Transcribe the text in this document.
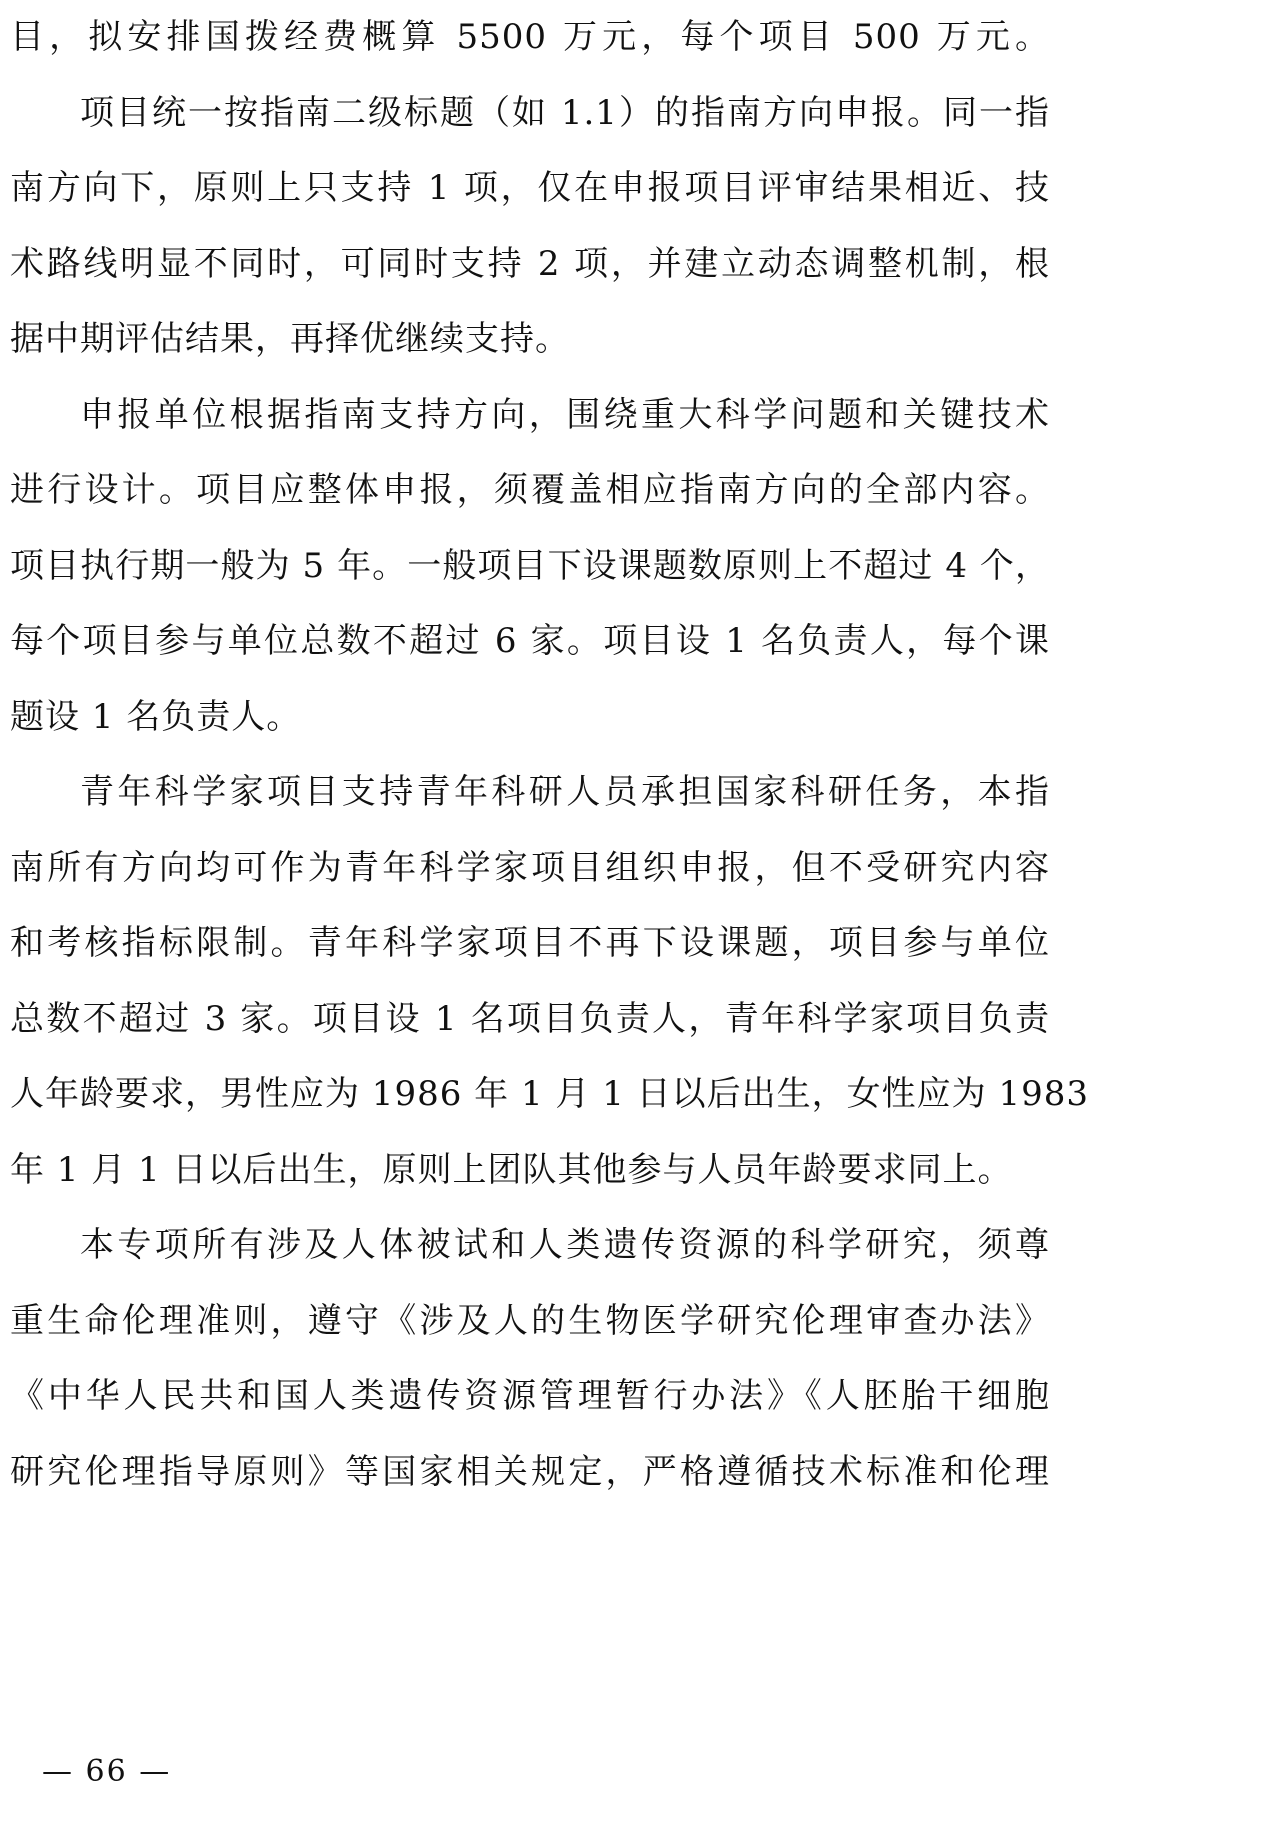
目，拟安排国拨经费概算 5500 万元，每个项目 500 万元。
项目统一按指南二级标题（如 1.1）的指南方向申报。同一指
南方向下，原则上只支持 1 项，仅在申报项目评审结果相近、技
术路线明显不同时，可同时支持 2 项，并建立动态调整机制，根
据中期评估结果，再择优继续支持。
申报单位根据指南支持方向，围绕重大科学问题和关键技术
进行设计。项目应整体申报，须覆盖相应指南方向的全部内容。
项目执行期一般为 5 年。一般项目下设课题数原则上不超过 4 个，
每个项目参与单位总数不超过 6 家。项目设 1 名负责人，每个课
题设 1 名负责人。
青年科学家项目支持青年科研人员承担国家科研任务，本指
南所有方向均可作为青年科学家项目组织申报，但不受研究内容
和考核指标限制。青年科学家项目不再下设课题，项目参与单位
总数不超过 3 家。项目设 1 名项目负责人，青年科学家项目负责
人年龄要求，男性应为 1986 年 1 月 1 日以后出生，女性应为 1983
年 1 月 1 日以后出生，原则上团队其他参与人员年龄要求同上。
本专项所有涉及人体被试和人类遗传资源的科学研究，须尊
重生命伦理准则，遵守《涉及人的生物医学研究伦理审查办法》
《中华人民共和国人类遗传资源管理暂行办法》《人胚胎干细胞
研究伦理指导原则》等国家相关规定，严格遵循技术标准和伦理
— 66 —
